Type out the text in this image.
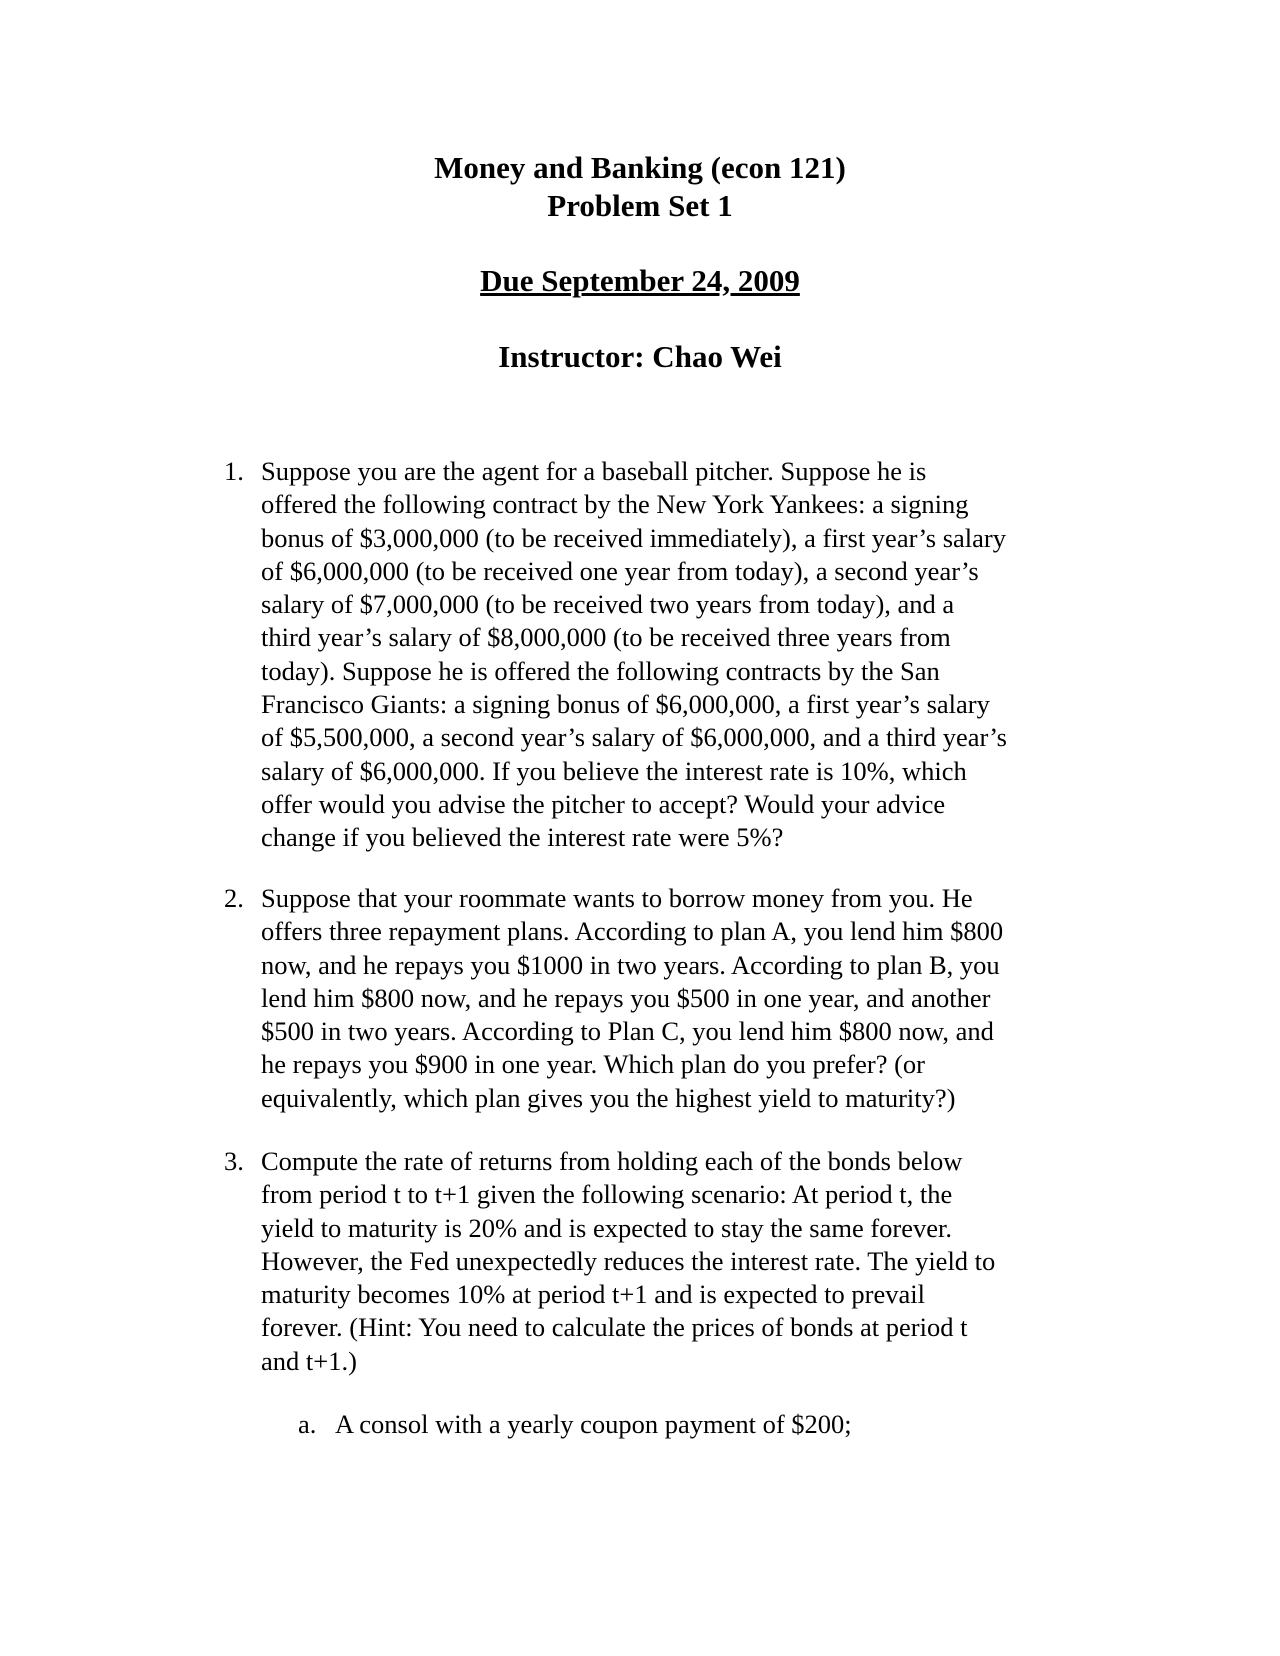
Money and Banking (econ 121)
Problem Set 1
Due September 24, 2009
Instructor: Chao Wei
1. Suppose you are the agent for a baseball pitcher. Suppose he is
offered the following contract by the New York Yankees: a signing
bonus of $3,000,000 (to be received immediately), a first year’s salary
of $6,000,000 (to be received one year from today), a second year’s
salary of $7,000,000 (to be received two years from today), and a
third year’s salary of $8,000,000 (to be received three years from
today). Suppose he is offered the following contracts by the San
Francisco Giants: a signing bonus of $6,000,000, a first year’s salary
of $5,500,000, a second year’s salary of $6,000,000, and a third year’s
salary of $6,000,000. If you believe the interest rate is 10%, which
offer would you advise the pitcher to accept? Would your advice
change if you believed the interest rate were 5%?
2. Suppose that your roommate wants to borrow money from you. He
offers three repayment plans. According to plan A, you lend him $800
now, and he repays you $1000 in two years. According to plan B, you
lend him $800 now, and he repays you $500 in one year, and another
$500 in two years. According to Plan C, you lend him $800 now, and
he repays you $900 in one year. Which plan do you prefer? (or
equivalently, which plan gives you the highest yield to maturity?)
3. Compute the rate of returns from holding each of the bonds below
from period t to t+1 given the following scenario: At period t, the
yield to maturity is 20% and is expected to stay the same forever.
However, the Fed unexpectedly reduces the interest rate. The yield to
maturity becomes 10% at period t+1 and is expected to prevail
forever. (Hint: You need to calculate the prices of bonds at period t
and t+1.)
a. A consol with a yearly coupon payment of $200;
